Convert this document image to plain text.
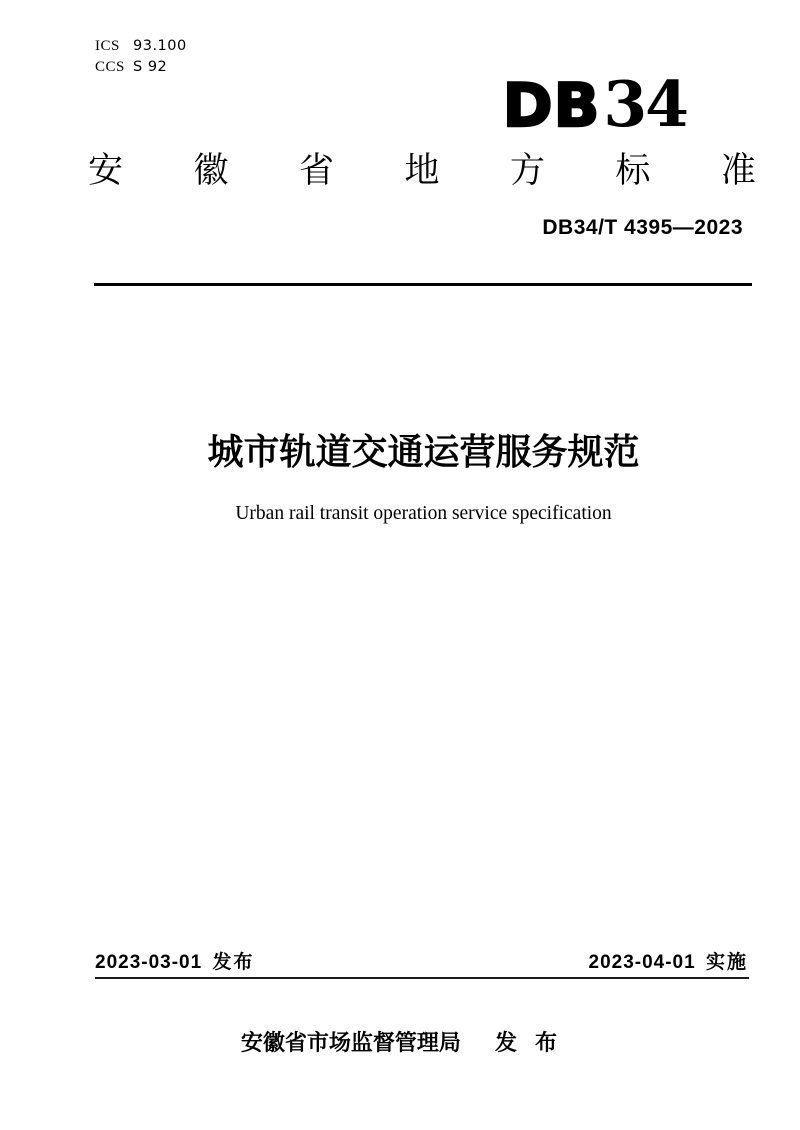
ICS 93.100
CCS S 92
DB 34
安 徽 省 地 方 标 准
DB34/T 4395—2023
城市轨道交通运营服务规范
Urban rail transit operation service specification
2023-03-01 发布	2023-04-01 实施
安徽省市场监督管理局 发 布
